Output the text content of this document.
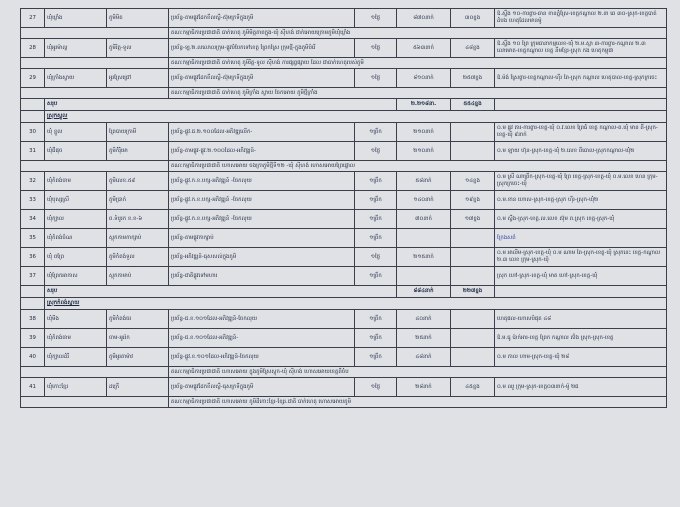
27	ឃុំឃ្លាំង	ភូមិមិត	ប្រព័ន្ធ-តាមផ្លូវដែកខឹលស្លឹ-ស៊ុមក្រទីក្នុងភូមិ	១ថ្ងៃ	៨៧០នាក់	៣០ខ្នង	ឱ.ស្ទឹង ១០-ការព្ចារ-ឆាន ខានភ្នំស្រែ-ខេត្តកណ្ដាល ២.នា ឆេ ៣០-ស្រុក-ខេត្តបាត់ដំបង ហេតុដែលមានម៉ូ
			គណៈកម្មាធិការប្រជាជាតិ ធាក់ហេតុ ភូមិមិត្តភាពក្នុង-ឃុំ ស៊ីហង់ ជាក់អោយក្រោមភូមិឃុំឃ្លាំង				
28	ឃុំអូរម៉ាល្ល	ភូមិរិ​ត្ត-ទូល	ប្រព័ន្ធ-ឡ.២.លលោលក្រុម-ផ្លូវបំបែកទៅខេត្ត ព្រែកស្រែ ក្រុមថ្មី-ក្នុងភូមិបំរើ	១ថ្ងៃ	៥៦៣នាក់	៤៨ខ្នង	ឱ.ស្ទឹង ១០ ព្រៃ ក្រុមធានាកម្មលេខ-ឃុំ ២.ម.ស្លា ៣-ការព្ចារ-កណ្ដាល ២.៣ លោមោត-ខេត្តកណ្ដាល ខេត្ត នឹមខ្មែរ-ស្រុក កង ហេតុកម្ពុជា
			គណៈកម្មាធិការប្រជាជាតិ ធាក់ហេតុ ភូមិរិត្ត-ទូល ស៊ីហង់ ការផ្សព្វផ្សាយ ដែល ជាធាក់ហេតុរបស់ភូមិ				
29	ឃុំក្រាំងស្វាយ	អូរស្រែជ្រៅ	ប្រព័ន្ធ-តាមផ្លូវដែកខឹលស្លឹ-ស៊ុមក្រទីក្នុងភូមិ	១ថ្ងៃ	៨១០នាក់	២៥៧ខ្នង	ឱ.ម៉ង់ ស្រែព្ចារ-ខេត្តកណ្ដាល-ហ៊ីរ ពៃ-ស្រុក កណ្ដាល ហេតុបាល-ខេត្ត-ស្រុកក្រចេះ
			គណៈកម្មាធិការប្រជាជាតិ ធាក់ហេតុ ភូមិក្រាំង ស្វាយ ចែកអោយ ភូមិថ្មីក្រាំង				
	សរុប				២.២១៨នា.	៥៥៤ខ្នង	
	ស្រុកស្នួល						
30	ឃុំ ខ្នួល	ព្រៃបាយ​ក្រាមី	ប្រព័ន្ធ-ផ្លូវ.ជ.២.១០០ដែល-អភិវឌ្ឍលើក-	១ព្រឹក	២១០នាក់		០.ម ផ្លូវ តារ-ការព្ចារ-ខេត្ត-ឃុំ ០.វ.លេខ ព្រៃធំ ខេត្ត កណ្ដាល-ព.ឃុំ មាន ពី-ស្រុក-ខេត្ត-ឃុំ ៩នាក់
31	ឃុំជីផុច	ភូមិកំរ៉ុំមោ	ប្រព័ន្ធ-តាមផ្លូវ-ផ្លូវ.២.១០០ដែល-អភិវឌ្ឍន៍-	១ថ្ងៃ	២១០នាក់		០.ម ឡាយ ហ៊ុន-ស្រុក-ខេត្ត-ឃុំ ២.លេខ ពីធោល-ស្រុកកណ្ដាល-ឃុំ២
			គណៈកម្មាធិការប្រជាជាតិ ហោសអោយ ចងក្រាភូមិថ្មីទី១២ -ឃុំ ស៊ីហង់ ហោសអោយព្រៃផ្ទោល				
32	ឃុំកំពង់ចាម	ភូមិលេខ.៥៩	ប្រព័ន្ធ-ផ្លូវ.ក.ខ.បក្ស-អភិវឌ្ឍន៍ -ចែកលុយ	១ព្រឹក	៥៨នាក់	១៤ខ្នង	០.ម ស្រី ណាព្រឹក-ស្រុក-ខេត្ត-ឃុំ ព្រៃ ខេត្ត-ស្រុក-ខេត្ត-ឃុំ ០.ម.លេខ ហេន ក្រុម-ស្រុកក្រចេះ-ឃុំ
33	ឃុំបុស្ស​ស្រី	ភូមិប្រាក់	ប្រព័ន្ធ-ផ្លូវ.ក.ខ.បក្ស-អភិវឌ្ឍន៍ -ចែកលុយ	១ព្រឹក	១៤០នាក់	១៩ខ្នង	០.ម.ខាន ហោស-ស្រុក-ខេត្ត-ស្រុក ហ៊ីរ-ស្រុក-ឃុំ២
34	ឃុំក្បាល	ព.ទំបូរក ខ.ខ-៦	ប្រព័ន្ធ-ផ្លូវ.ក.ខ.បក្ស-អភិវឌ្ឍន៍ -ចែកលុយ	១ព្រឹក	៧០នាក់	១៧ខ្នង	០.ម ស្ទឹង-ស្រុក-ខេត្ត.ល.លេខ ស៊ុម ព.ស្រុក ខេត្ត-ស្រុក-ឃុំ
35	ឃុំកំពង់ចំណ	ស្តុកកាមកាក្សាប់	ប្រព័ន្ធ-តាមផ្លូវកាក្សាប់	១ព្រឹក			ក្រែងសព៌
36	ឃុំ ពព្រែ	ភូមិកំពង់ទួល	ប្រព័ន្ធ-អភិវឌ្ឍន៍-ធុសសល់ក្នុងភូមិ	១ថ្ងៃ	២១៥នាក់		០.ម អាលីម-ស្រុក-ខេត្ត-ឃុំ ០.ម ណាម ពៃ-ស្រុក-ខេត្ត-ឃុំ ស្រុកនេះ ខេត្ត-កណ្ដាល ២.៣ លេខ ក្រុម-ស្រុក-ឃុំ
37	ឃុំព្រែកអាកាស	ស្តុកកាមាប់	ប្រព័ន្ធ-ជាតិផ្លូវទៅមហារ	១ព្រឹក			ស្រុក ហៅ-ស្រុក-ខេត្ត-ឃុំ មាត ហៅ-ស្រុក-ខេត្ត-ឃុំ
	សរុប				៨៨៤នាក់	២២៧ខ្នង	
	ស្រុកកំពង់ស្វាយ						
38	ឃុំមីង	ភូមិកំពង់ចរ	ប្រព័ន្ធ-ជ.ខ.១០១ដែល-អភិវឌ្ឍន៍-ចែកលុយ	១ព្រឹក	៤០នាក់		ហេតុផល-ហោសបំផុត ៤៨
39	ឃុំកំពង់ចាម	ចាម-អូររ៉ក	ប្រព័ន្ធ-ជ.ខ.១០១ដែល-អភិវឌ្ឍន៍-	១ព្រឹក	២៥នាក់		ឱ.ម.ធូ ប៉ាក់អារ-ខេត្ត ព្រែក កណ្ដាល ស៊ំង ស្រុក-ស្រុក-ខេត្ត
40	ឃុំក្បាលដំរី	ភូមិអូរតាម៉ាវ	ប្រព័ន្ធ-ផ្លូវ.ខ.១០១ដែល-អភិវឌ្ឍន៍-ចែកលុយ	១ព្រឹក	៤៨នាក់		០.ម ភាល ហាម-ស្រុក-ខេត្ត-ឃុំ ២៨
			គណៈកម្មាធិការប្រជាជាតិ ហោសអោយ ក្នុងភូមិស្រែស្តុក-ឃុំ ស៊ីហង់ ហោសអោយខេត្តពីចំប				
41	ឃុំកោះខ្មែរ	ដក្រើ	ប្រព័ន្ធ-តាមផ្លូវដែកខឹលស្លឹ-ធុសក្រទីក្នុងភូមិ	១ថ្ងៃ	២៨នាក់	៤៥ខ្នង	០.ម ឈួ ក្រុម-ស្រុក-ខេត្ត០៣នាក់-ម៉ូ ២ជ
			គណៈកម្មាធិការប្រជាជាតិ ហោសអោយ ភូមិដីកោះខ្មែរ-ខែ្សរ.ជាតិ ធាក់ហេតុ ហោសអោយភូមិ				
